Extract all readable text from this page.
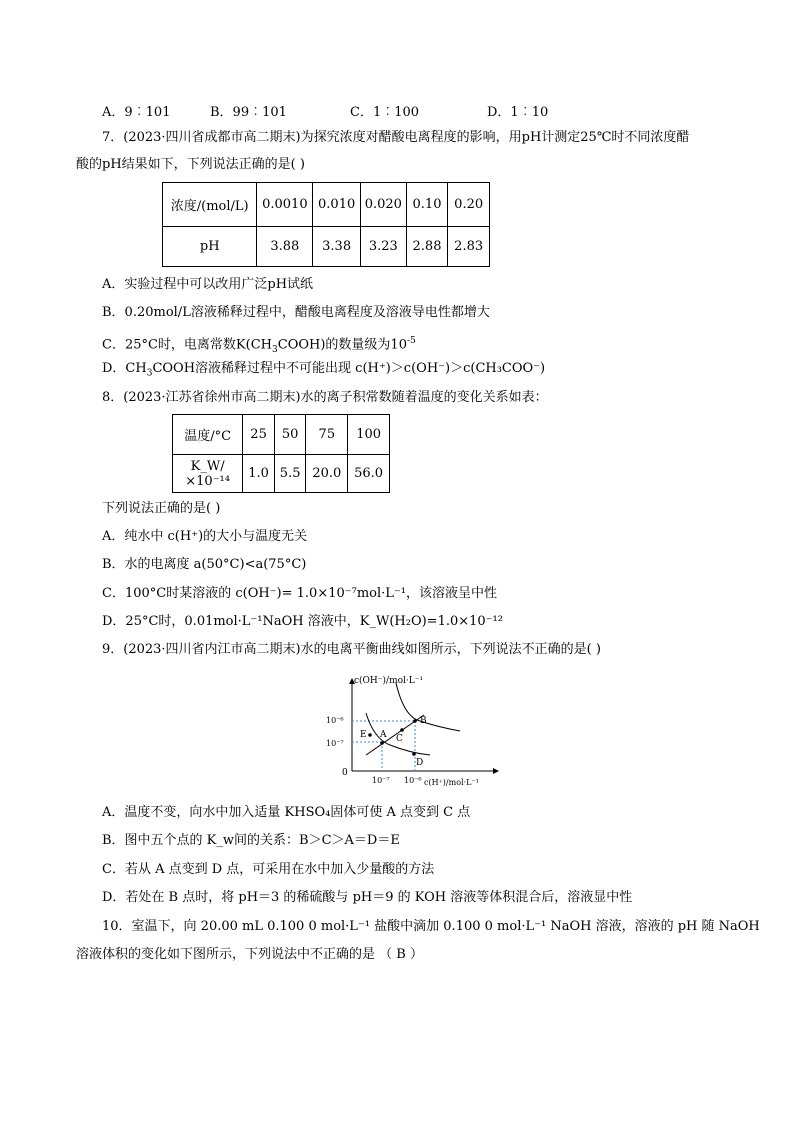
A．9︰101	B．99︰101	C．1︰100	D．1︰10
7．(2023·四川省成都市高二期末)为探究浓度对醋酸电离程度的影响，用pH计测定25℃时不同浓度醋
酸的pH结果如下，下列说法正确的是( )
浓度/(mol/L)	0.0010	0.010	0.020	0.10	0.20
pH	3.88	3.38	3.23	2.88	2.83
A．实验过程中可以改用广泛pH试纸
B．0.20mol/L溶液稀释过程中，醋酸电离程度及溶液导电性都增大
C．25°C时，电离常数$K(CH_3COOH)$的数量级为$10^{-5}$
D．$CH_3COOH$溶液稀释过程中不可能出现 c(H⁺)＞c(OH⁻)＞c(CH₃COO⁻)
8．(2023·江苏省徐州市高二期末)水的离子积常数随着温度的变化关系如表：
温度/°C	25	50	75	100
K_W/×10⁻¹⁴	1.0	5.5	20.0	56.0
下列说法正确的是( )
A．纯水中 c(H⁺)的大小与温度无关
B．水的电离度 a(50°C)<a(75°C)
C．100°C时某溶液的 c(OH⁻)= 1.0×10⁻⁷mol·L⁻¹，该溶液呈中性
D．25°C时，0.01mol·L⁻¹NaOH 溶液中，K_W(H₂O)=1.0×10⁻¹²
9．(2023·四川省内江市高二期末)水的电离平衡曲线如图所示，下列说法不正确的是( )
c(OH⁻)/mol·L⁻¹
c(H⁺)/mol·L⁻¹
0
10⁻⁶
10⁻⁷
10⁻⁷ 10⁻⁶
A
B
C
D
E
A．温度不变，向水中加入适量 KHSO₄固体可使 A 点变到 C 点
B．图中五个点的 K_w间的关系：B＞C＞A＝D＝E
C．若从 A 点变到 D 点，可采用在水中加入少量酸的方法
D．若处在 B 点时，将 pH＝3 的稀硫酸与 pH＝9 的 KOH 溶液等体积混合后，溶液显中性
10．室温下，向 20.00 mL 0.100 0 mol·L⁻¹ 盐酸中滴加 0.100 0 mol·L⁻¹ NaOH 溶液，溶液的 pH 随 NaOH
溶液体积的变化如下图所示，下列说法中不正确的是 （ B ）
